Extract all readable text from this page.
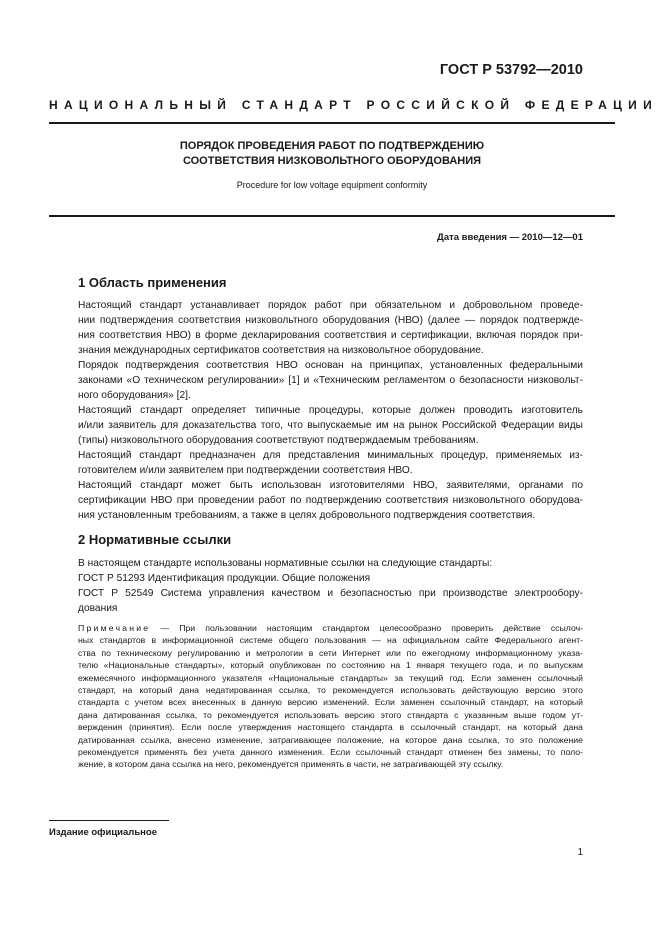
ГОСТ Р 53792—2010
НАЦИОНАЛЬНЫЙ СТАНДАРТ РОССИЙСКОЙ ФЕДЕРАЦИИ
ПОРЯДОК ПРОВЕДЕНИЯ РАБОТ ПО ПОДТВЕРЖДЕНИЮ
СООТВЕТСТВИЯ НИЗКОВОЛЬТНОГО ОБОРУДОВАНИЯ
Procedure for low voltage equipment conformity
Дата введения — 2010—12—01
1 Область применения
Настоящий стандарт устанавливает порядок работ при обязательном и добровольном проведе-
нии подтверждения соответствия низковольтного оборудования (НВО) (далее — порядок подтвержде-
ния соответствия НВО) в форме декларирования соответствия и сертификации, включая порядок при-
знания международных сертификатов соответствия на низковольтное оборудование.
Порядок подтверждения соответствия НВО основан на принципах, установленных федеральными
законами «О техническом регулировании» [1] и «Техническим регламентом о безопасности низковольт-
ного оборудования» [2].
Настоящий стандарт определяет типичные процедуры, которые должен проводить изготовитель
и/или заявитель для доказательства того, что выпускаемые им на рынок Российской Федерации виды
(типы) низковольтного оборудования соответствуют подтверждаемым требованиям.
Настоящий стандарт предназначен для представления минимальных процедур, применяемых из-
готовителем и/или заявителем при подтверждении соответствия НВО.
Настоящий стандарт может быть использован изготовителями НВО, заявителями, органами по
сертификации НВО при проведении работ по подтверждению соответствия низковольтного оборудова-
ния установленным требованиям, а также в целях добровольного подтверждения соответствия.
2 Нормативные ссылки
В настоящем стандарте использованы нормативные ссылки на следующие стандарты:
ГОСТ Р 51293 Идентификация продукции. Общие положения
ГОСТ Р 52549 Система управления качеством и безопасностью при производстве электрообору-
дования
Примечание — При пользовании настоящим стандартом целесообразно проверить действие ссылоч-
ных стандартов в информационной системе общего пользования — на официальном сайте Федерального агент-
ства по техническому регулированию и метрологии в сети Интернет или по ежегодному информационному указа-
телю «Национальные стандарты», который опубликован по состоянию на 1 января текущего года, и по выпускам
ежемесячного информационного указателя «Национальные стандарты» за текущий год. Если заменен ссылочный
стандарт, на который дана недатированная ссылка, то рекомендуется использовать действующую версию этого
стандарта с учетом всех внесенных в данную версию изменений. Если заменен ссылочный стандарт, на который
дана датированная ссылка, то рекомендуется использовать версию этого стандарта с указанным выше годом ут-
верждения (принятия). Если после утверждения настоящего стандарта в ссылочный стандарт, на который дана
датированная ссылка, внесено изменение, затрагивающее положение, на которое дана ссылка, то это положение
рекомендуется применять без учета данного изменения. Если ссылочный стандарт отменен без замены, то поло-
жение, в котором дана ссылка на него, рекомендуется применять в части, не затрагивающей эту ссылку.
Издание официальное
1
